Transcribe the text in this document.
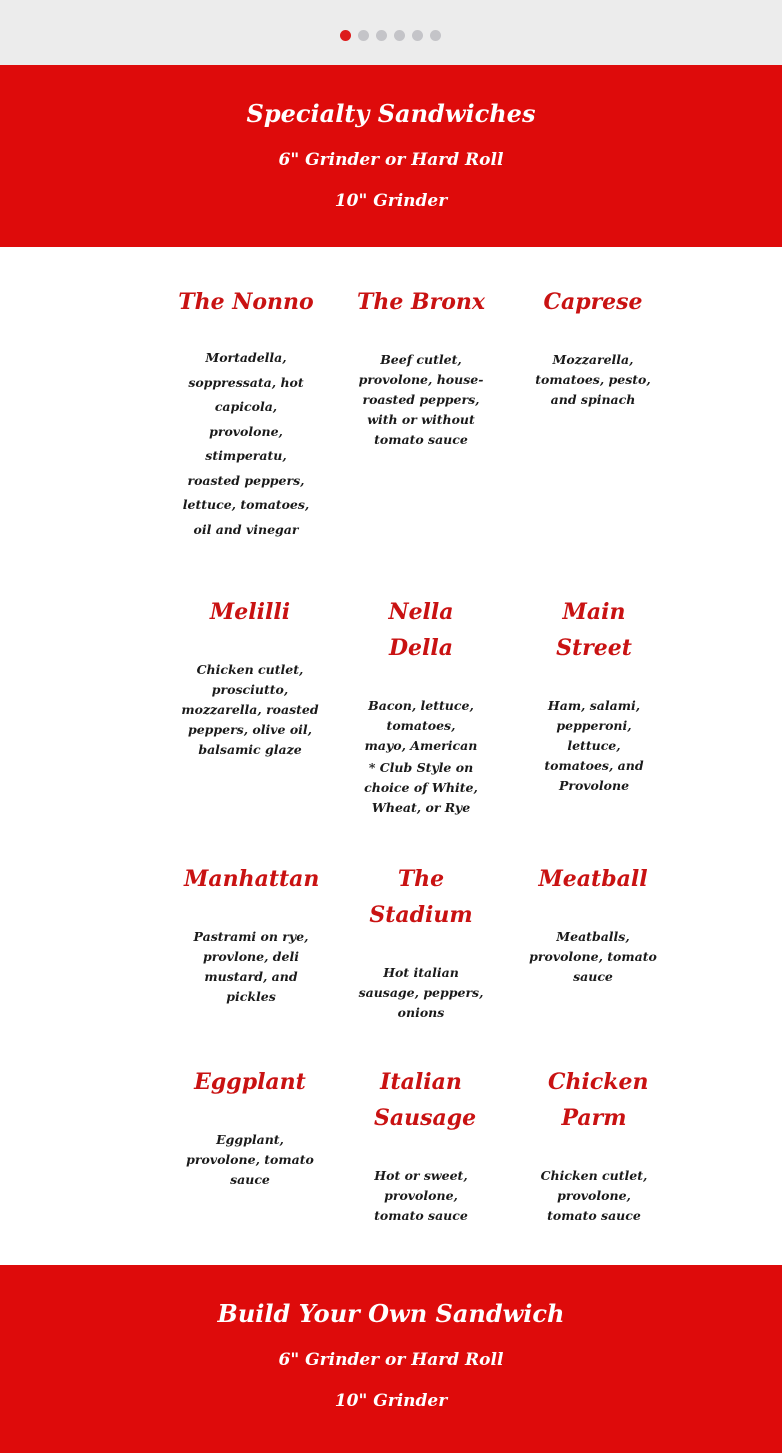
Specialty Sandwiches
6" Grinder or Hard Roll
10" Grinder
The Nonno
Mortadella, soppressata, hot capicola, provolone, stimperatu, roasted peppers, lettuce, tomatoes, oil and vinegar
The Bronx
Beef cutlet, provolone, house-roasted peppers, with or without tomato sauce
Caprese
Mozzarella, tomatoes, pesto, and spinach
Melilli
Chicken cutlet, prosciutto, mozzarella, roasted peppers, olive oil, balsamic glaze
Nella Della
Bacon, lettuce, tomatoes, mayo, American
* Club Style on choice of White, Wheat, or Rye
Main Street
Ham, salami, pepperoni, lettuce, tomatoes, and Provolone
Manhattan
Pastrami on rye, provlone, deli mustard, and pickles
The Stadium
Hot italian sausage, peppers, onions
Meatball
Meatballs, provolone, tomato sauce
Eggplant
Eggplant, provolone, tomato sauce
Italian Sausage
Hot or sweet, provolone, tomato sauce
Chicken Parm
Chicken cutlet, provolone, tomato sauce
Build Your Own Sandwich
6" Grinder or Hard Roll
10" Grinder
